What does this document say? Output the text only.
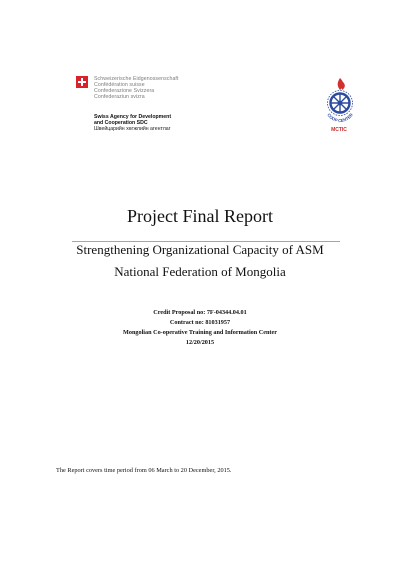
Schweizerische Eidgenossenschaft
Confédération suisse
Confederazione Svizzera
Confederaziun svizra
Swiss Agency for Development
and Cooperation SDC
Швейцарийн хөгжлийн агентлаг
COOP CENTER
MCTIC
Project Final Report
Strengthening Organizational Capacity of ASM
National Federation of Mongolia
Credit Proposal no: 7F-04344.04.01
Contract no: 81031957
Mongolian Co-operative Training and Information Center
12/20/2015
The Report covers time period from 06 March to 20 December, 2015.
